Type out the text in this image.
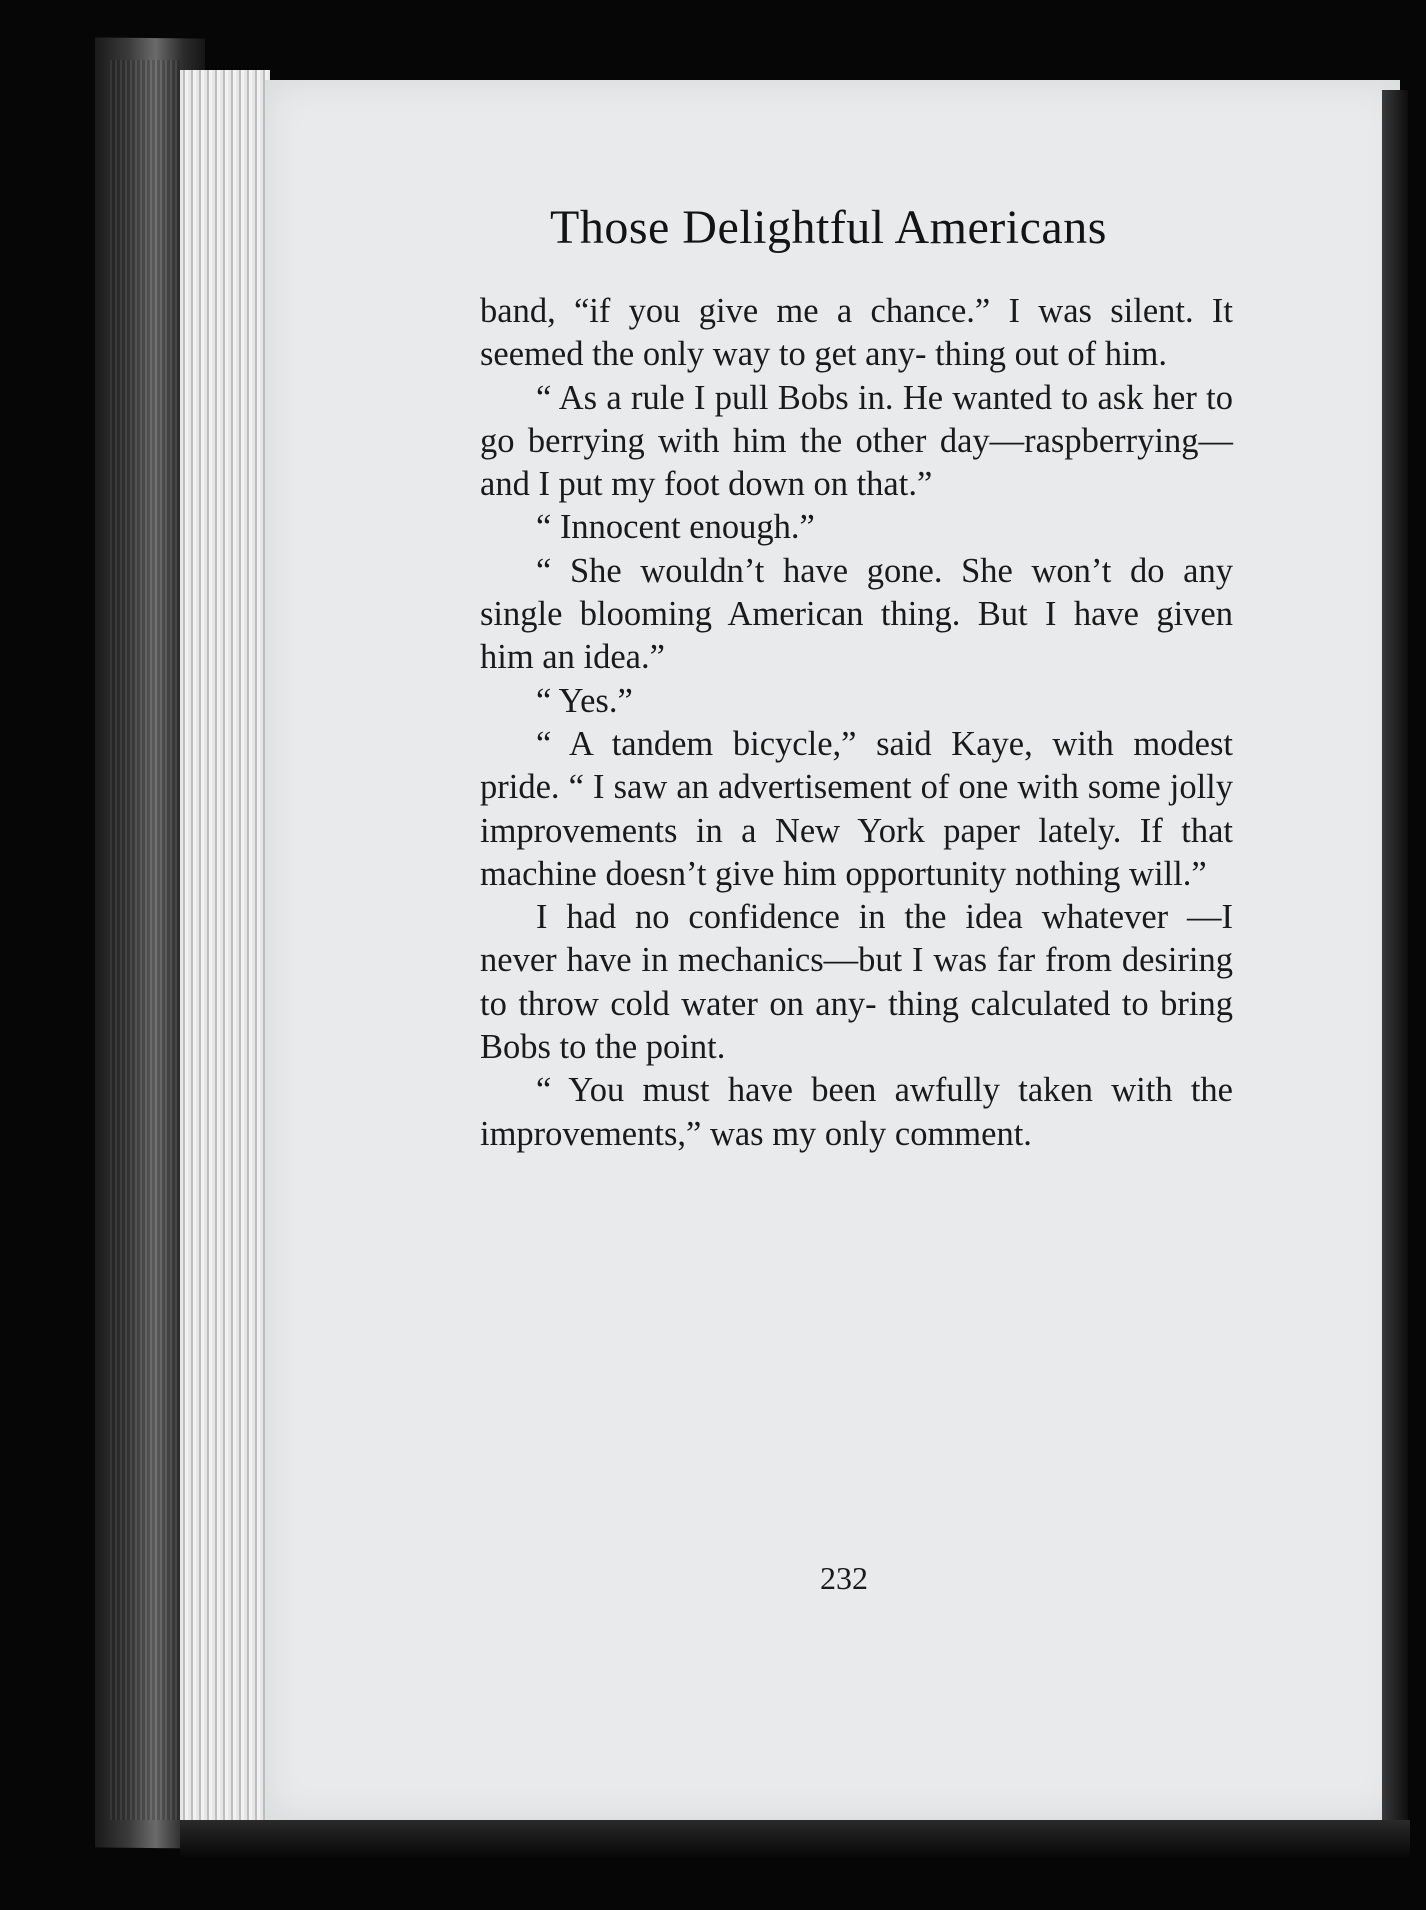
Those Delightful Americans

band, “if you give me a chance.” I was silent. It seemed the only way to get any- thing out of him.

“ As a rule I pull Bobs in. He wanted to ask her to go berrying with him the other day—raspberrying—and I put my foot down on that.”

“ Innocent enough.”

“ She wouldn’t have gone. She won’t do any single blooming American thing. But I have given him an idea.”

“ Yes.”

“ A tandem bicycle,” said Kaye, with modest pride. “ I saw an advertisement of one with some jolly improvements in a New York paper lately. If that machine doesn’t give him opportunity nothing will.”

I had no confidence in the idea whatever —I never have in mechanics—but I was far from desiring to throw cold water on any- thing calculated to bring Bobs to the point.

“ You must have been awfully taken with the improvements,” was my only comment.

232
